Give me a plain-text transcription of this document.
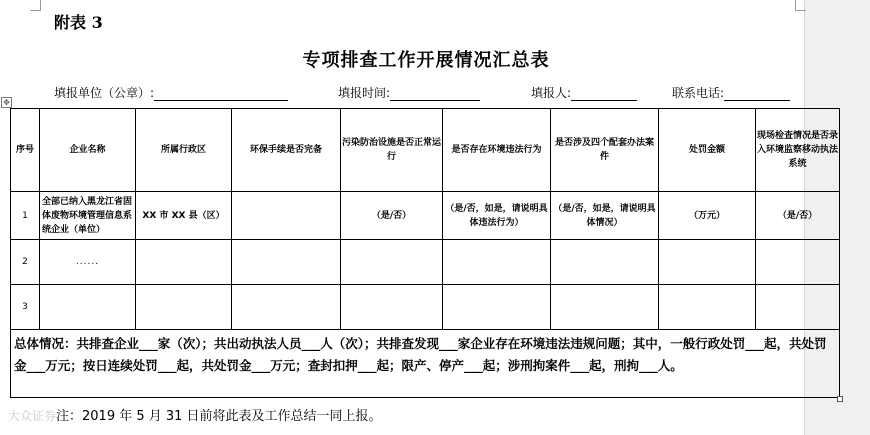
附表 3
专项排查工作开展情况汇总表
填报单位（公章）:	填报时间:	填报人:	联系电话:
✥
序号	企业名称	所属行政区	环保手续是否完备	污染防治设施是否正常运行	是否存在环境违法行为	是否涉及四个配套办法案件	处罚金额	现场检查情况是否录入环境监察移动执法系统
1	全部已纳入黑龙江省固体废物环境管理信息系统企业（单位）	XX 市 XX 县（区）		（是/否）	（是/否，如是，请说明具体违法行为）	（是/否，如是，请说明具体情况）	（万元）	（是/否）
2	......							
3								
总体情况：共排查企业___家（次）；共出动执法人员___人（次）；共排查发现___家企业存在环境违法违规问题；其中，一般行政处罚___起，共处罚金___万元；按日连续处罚___起，共处罚金___万元；查封扣押___起；限产、停产___起；涉刑拘案件___起，刑拘___人。								
大众证券 注：2019 年 5 月 31 日前将此表及工作总结一同上报。
